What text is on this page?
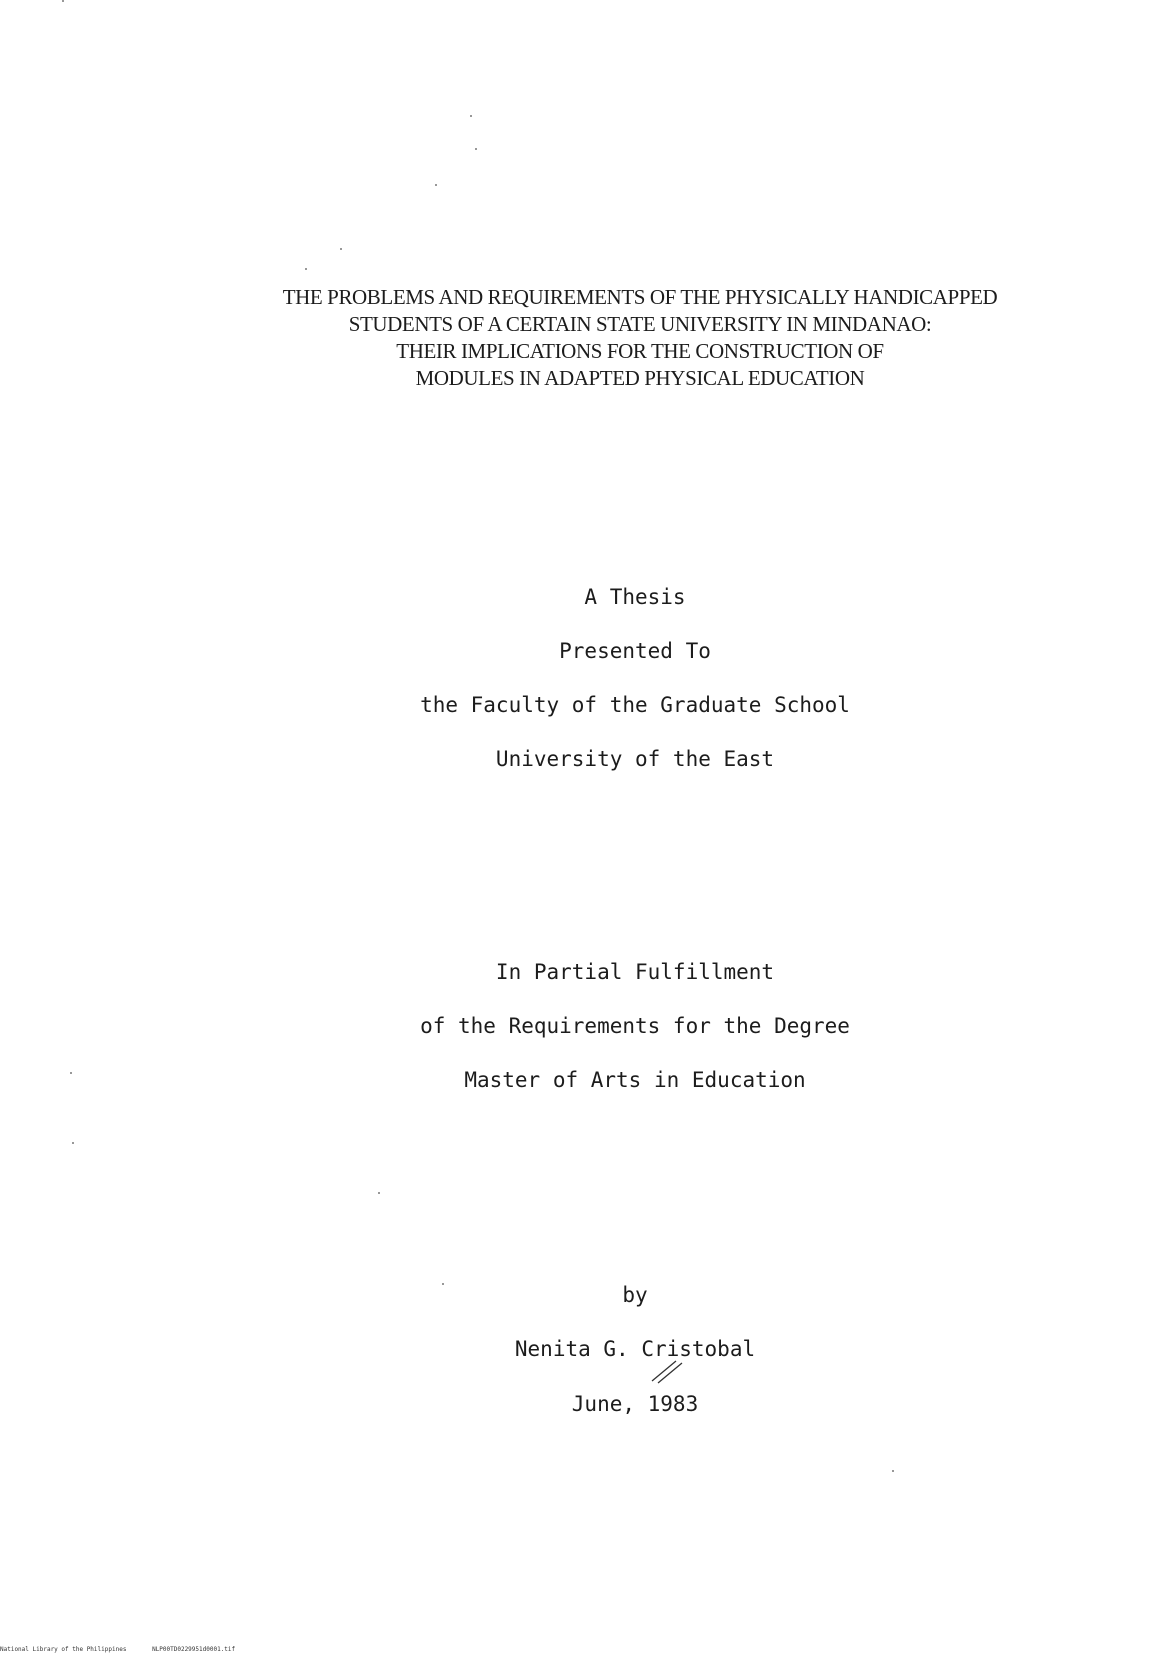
THE PROBLEMS AND REQUIREMENTS OF THE PHYSICALLY HANDICAPPED
STUDENTS OF A CERTAIN STATE UNIVERSITY IN MINDANAO:
THEIR IMPLICATIONS FOR THE CONSTRUCTION OF
MODULES IN ADAPTED PHYSICAL EDUCATION
A Thesis
Presented To
the Faculty of the Graduate School
University of the East
In Partial Fulfillment
of the Requirements for the Degree
Master of Arts in Education
by
Nenita G. Cristobal
June, 1983
National Library of the Philippines	NLP00TD0229951d0001.tif
